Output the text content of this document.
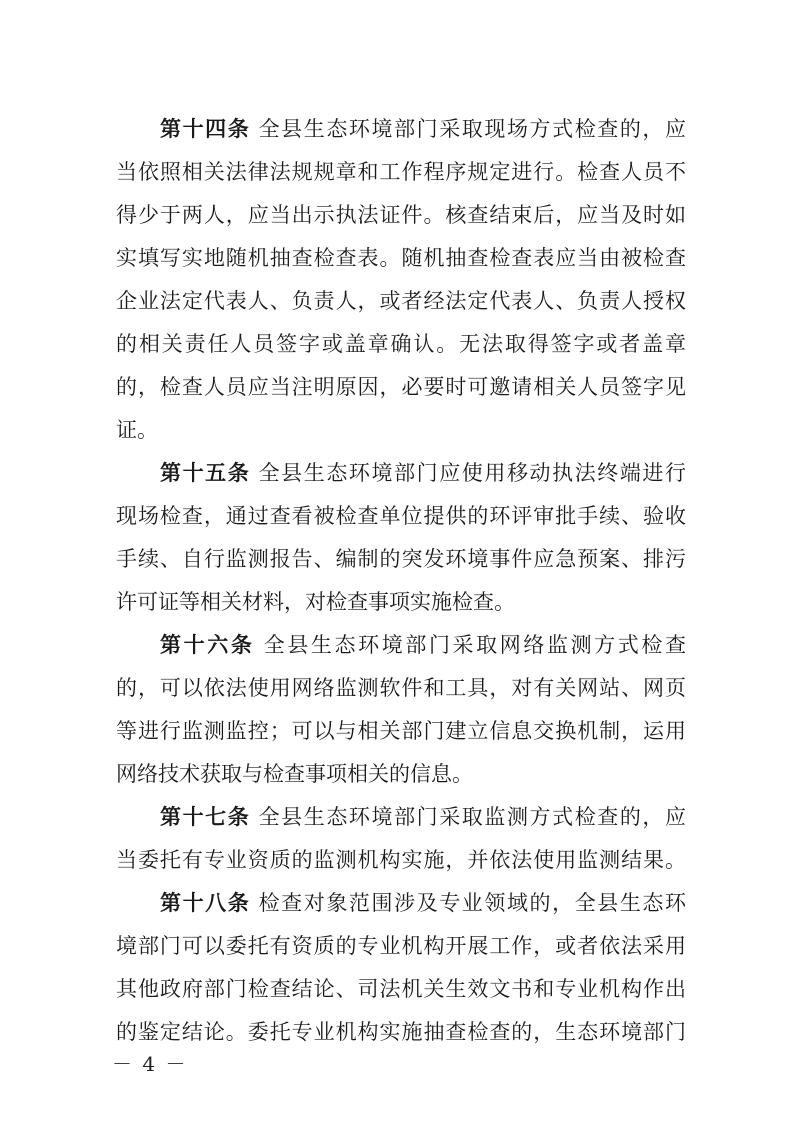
第十四条 全县生态环境部门采取现场方式检查的，应
当依照相关法律法规规章和工作程序规定进行。检查人员不
得少于两人，应当出示执法证件。核查结束后，应当及时如
实填写实地随机抽查检查表。随机抽查检查表应当由被检查
企业法定代表人、负责人，或者经法定代表人、负责人授权
的相关责任人员签字或盖章确认。无法取得签字或者盖章
的，检查人员应当注明原因，必要时可邀请相关人员签字见
证。
第十五条 全县生态环境部门应使用移动执法终端进行
现场检查，通过查看被检查单位提供的环评审批手续、验收
手续、自行监测报告、编制的突发环境事件应急预案、排污
许可证等相关材料，对检查事项实施检查。
第十六条 全县生态环境部门采取网络监测方式检查
的，可以依法使用网络监测软件和工具，对有关网站、网页
等进行监测监控；可以与相关部门建立信息交换机制，运用
网络技术获取与检查事项相关的信息。
第十七条 全县生态环境部门采取监测方式检查的，应
当委托有专业资质的监测机构实施，并依法使用监测结果。
第十八条 检查对象范围涉及专业领域的，全县生态环
境部门可以委托有资质的专业机构开展工作，或者依法采用
其他政府部门检查结论、司法机关生效文书和专业机构作出
的鉴定结论。委托专业机构实施抽查检查的，生态环境部门
－ 4 －
